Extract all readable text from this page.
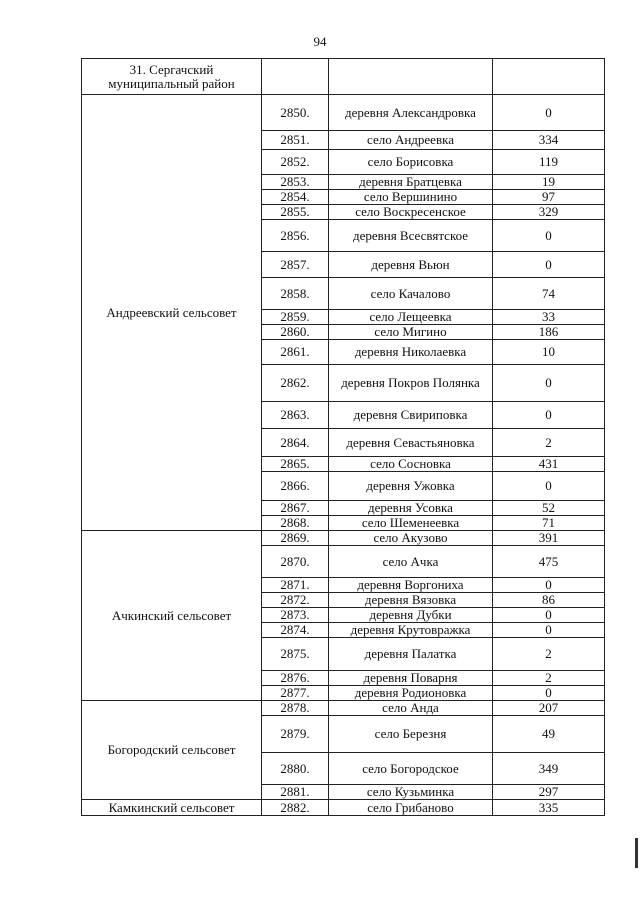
94
31. Сергачский муниципальный район			
Андреевский сельсовет	2850.	деревня Александровка	0
	2851.	село Андреевка	334
	2852.	село Борисовка	119
	2853.	деревня Братцевка	19
	2854.	село Вершинино	97
	2855.	село Воскресенское	329
	2856.	деревня Всесвятское	0
	2857.	деревня Вьюн	0
	2858.	село Качалово	74
	2859.	село Лещеевка	33
	2860.	село Мигино	186
	2861.	деревня Николаевка	10
	2862.	деревня Покров Полянка	0
	2863.	деревня Свириповка	0
	2864.	деревня Севастьяновка	2
	2865.	село Сосновка	431
	2866.	деревня Ужовка	0
	2867.	деревня Усовка	52
	2868.	село Шеменеевка	71
Ачкинский сельсовет	2869.	село Акузово	391
	2870.	село Ачка	475
	2871.	деревня Воргониха	0
	2872.	деревня Вязовка	86
	2873.	деревня Дубки	0
	2874.	деревня Крутовражка	0
	2875.	деревня Палатка	2
	2876.	деревня Поварня	2
	2877.	деревня Родионовка	0
Богородский сельсовет	2878.	село Анда	207
	2879.	село Березня	49
	2880.	село Богородское	349
	2881.	село Кузьминка	297
Камкинский сельсовет	2882.	село Грибаново	335
